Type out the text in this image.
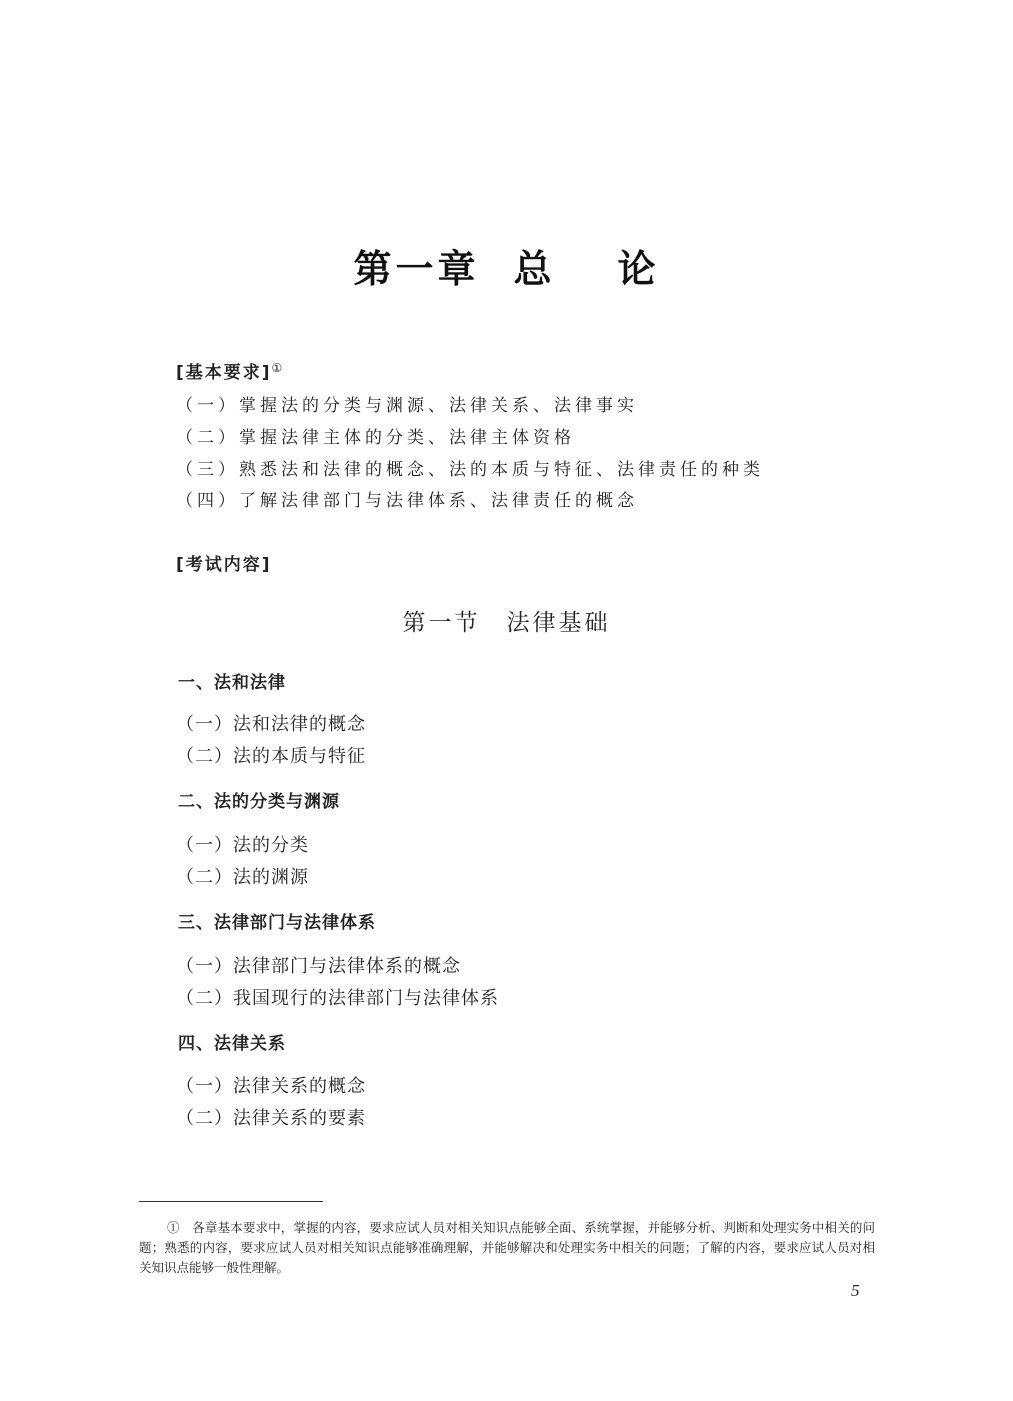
第一章 总 论
[基本要求]①
（一）掌握法的分类与渊源、法律关系、法律事实
（二）掌握法律主体的分类、法律主体资格
（三）熟悉法和法律的概念、法的本质与特征、法律责任的种类
（四）了解法律部门与法律体系、法律责任的概念
[考试内容]
第一节 法律基础
一、法和法律
（一）法和法律的概念
（二）法的本质与特征
二、法的分类与渊源
（一）法的分类
（二）法的渊源
三、法律部门与法律体系
（一）法律部门与法律体系的概念
（二）我国现行的法律部门与法律体系
四、法律关系
（一）法律关系的概念
（二）法律关系的要素
①　各章基本要求中，掌握的内容，要求应试人员对相关知识点能够全面、系统掌握，并能够分析、判断和处理实务中相关的问题；熟悉的内容，要求应试人员对相关知识点能够准确理解，并能够解决和处理实务中相关的问题；了解的内容，要求应试人员对相关知识点能够一般性理解。
5
